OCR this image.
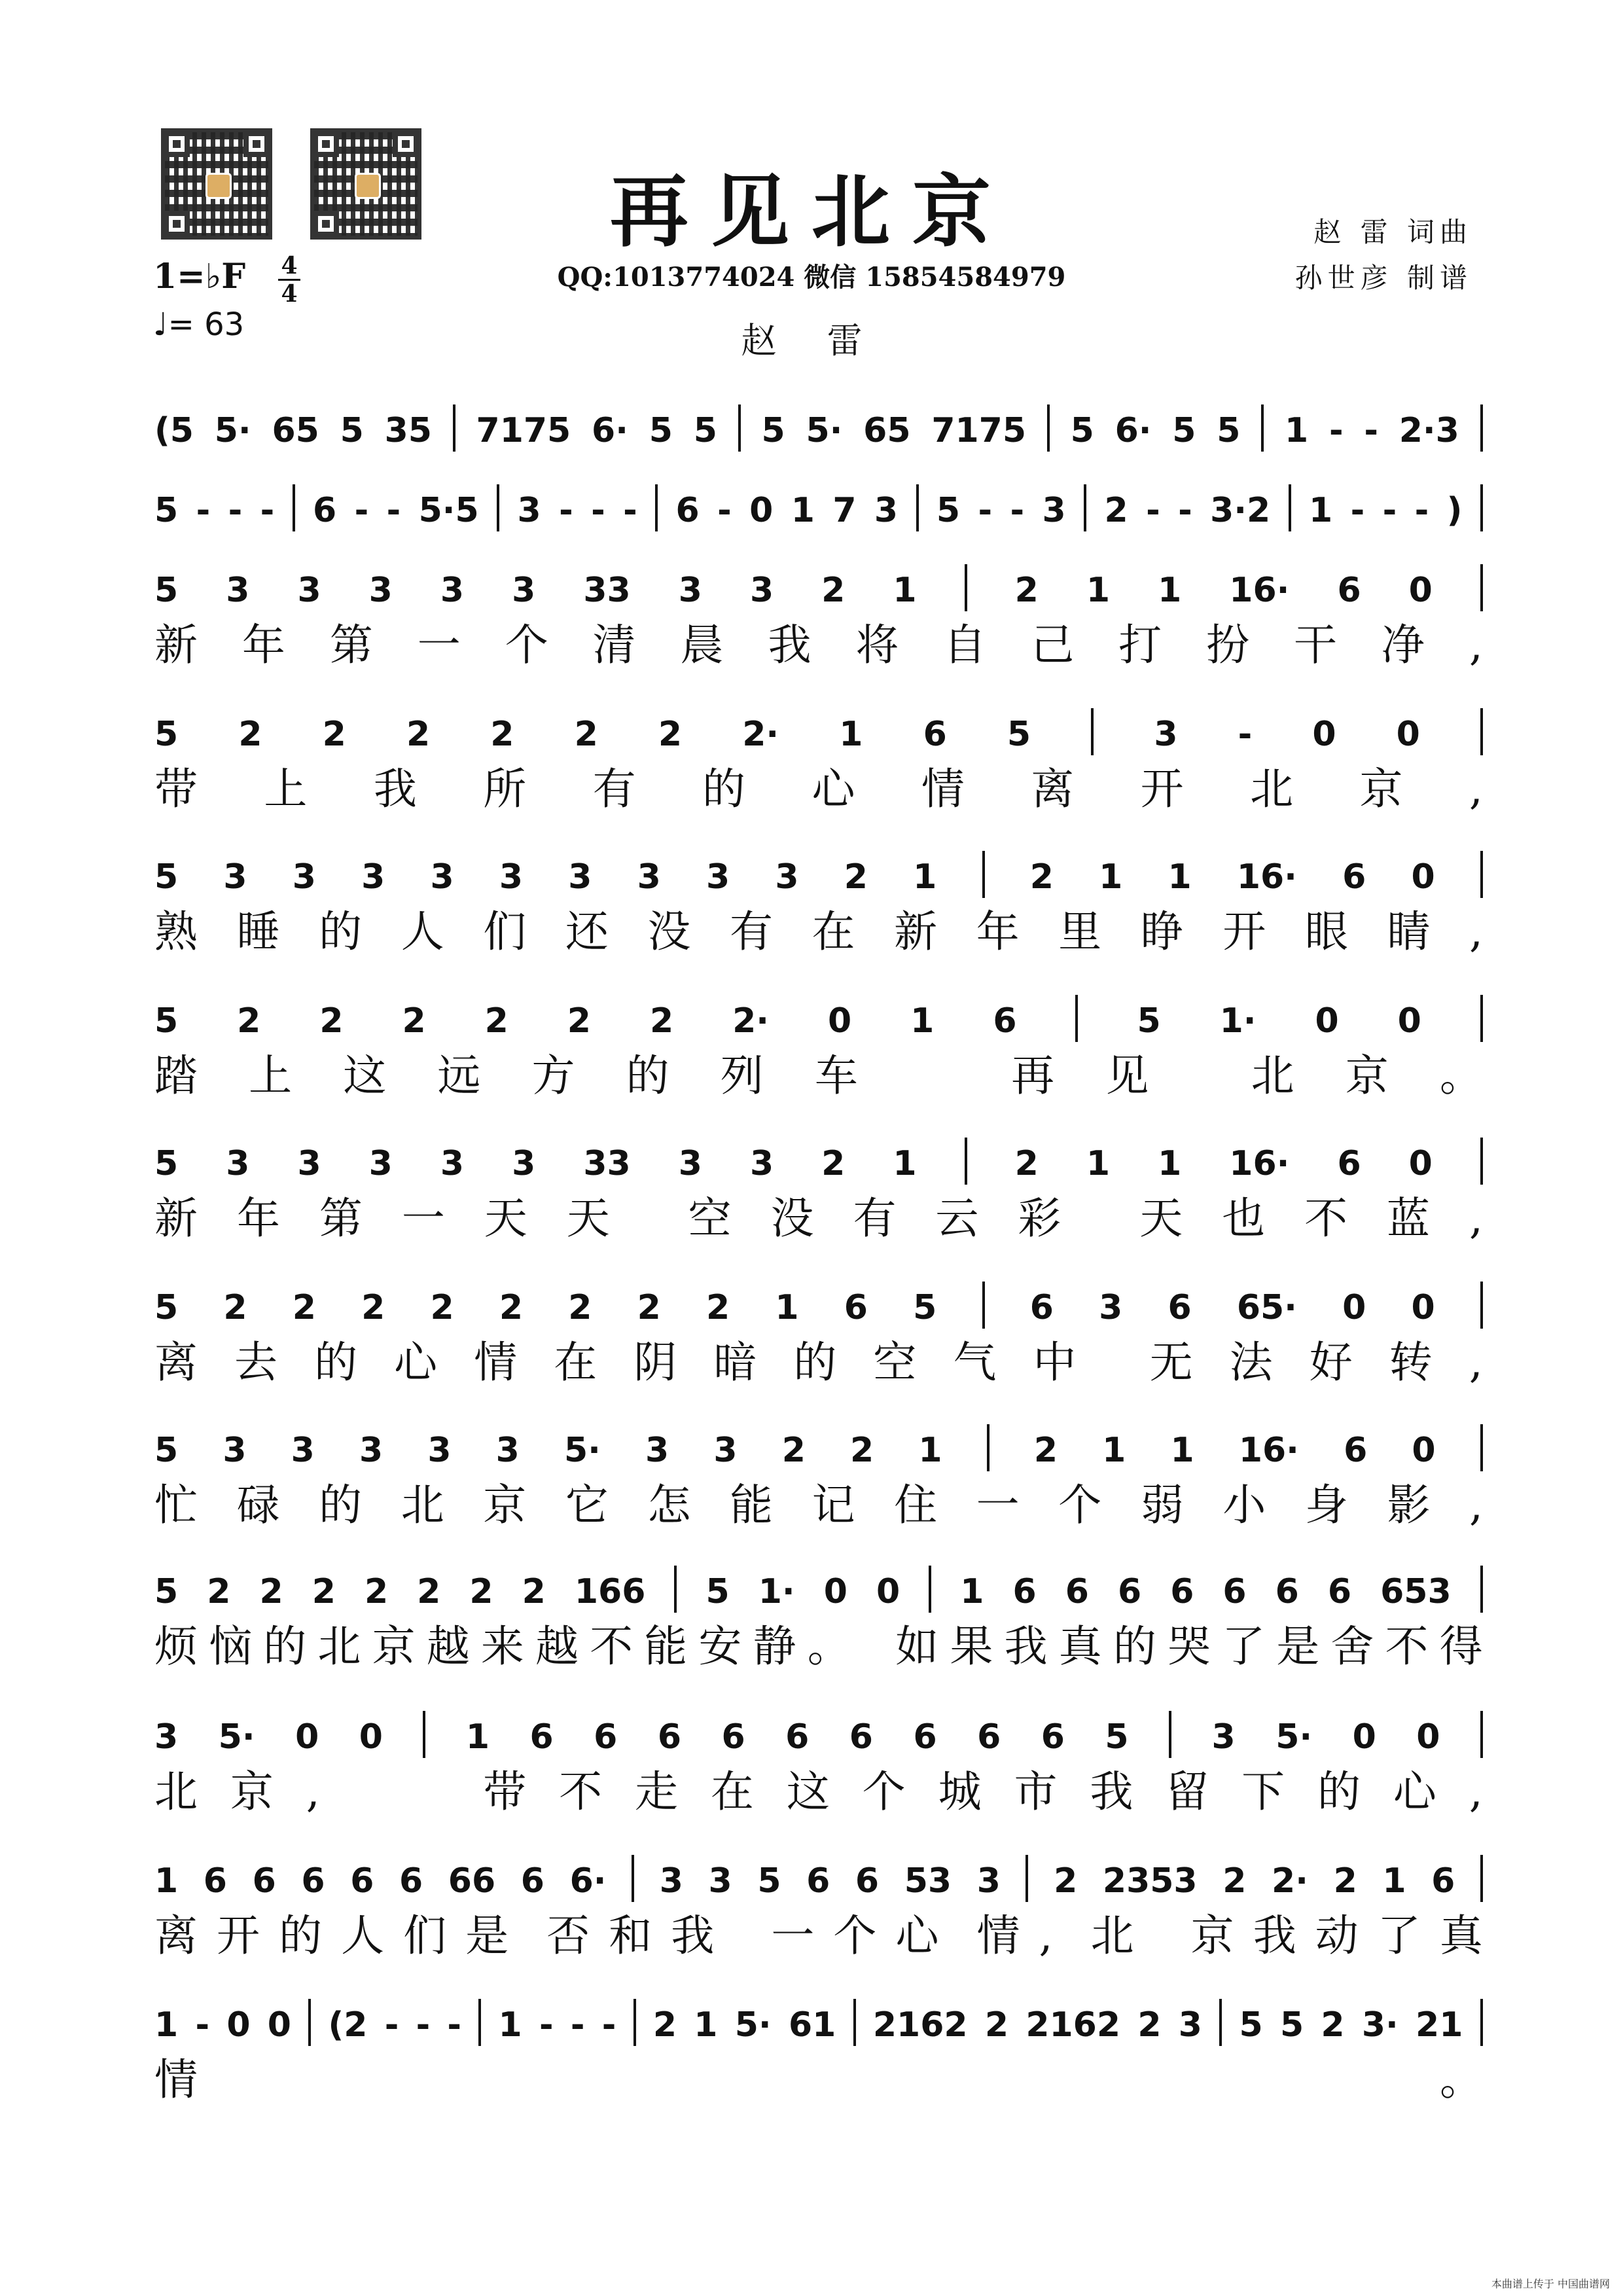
再见北京
QQ:1013774024 微信 15854584979
赵 雷
赵 雷 词曲
孙世彦 制谱
1=♭F 4
4
♩= 63
(5 5· 65 5 35 7175 6· 5 5 5 5· 65 7175 5 6· 5 5 1 - - 2·3
5 - - - 6 - - 5·5 3 - - - 6 - 0 1 7 3 5 - - 3 2 - - 3·2 1 - - - )
5 3 3 3 3 3 33 3 3 2 1	2 1 1 16· 6 0
新 年 第 一 个 清 晨 我 将 自 己 打 扮 干 净 ,
5 2 2 2 2 2 2 2· 1 6 5	3 - 0 0
带 上 我 所 有 的 心 情 离 开 北 京 ,
5 3 3 3 3 3 3 3 3 3 2 1	2 1 1 16· 6 0
熟 睡 的 人 们 还 没 有 在 新 年 里 睁 开 眼 睛 ,
5 2 2 2 2 2 2 2· 0 1 6	5 1· 0 0
踏 上 这 远 方 的 列 车	再 见 北 京 。
5 3 3 3 3 3 33 3 3 2 1	2 1 1 16· 6 0
新 年 第 一 天 天 空 没 有 云 彩 天 也 不 蓝 ,
5 2 2 2 2 2 2 2 2 1 6 5	6 3 6 65· 0 0
离 去 的 心 情 在 阴 暗 的 空 气 中 无 法 好 转 ,
5 3 3 3 3 3 5· 3 3 2 2 1	2 1 1 16· 6 0
忙 碌 的 北 京 它 怎 能 记 住 一 个 弱 小 身 影 ,
5 2 2 2 2 2 2 2 166 5 1· 0 0 1 6 6 6 6 6 6 6 653
烦 恼 的 北 京 越 来 越 不 能 安 静 。 如 果 我 真 的 哭 了 是 舍 不 得
3 5· 0 0 1 6 6 6 6 6 6 6 6 6 5 3 5· 0 0
北 京 ,	带 不 走 在 这 个 城 市 我 留 下 的 心 ,
1 6 6 6 6 6 66 6 6· 3 3 5 6 6 53 3 2 2353 2 2· 2 1 6
离 开 的 人 们 是 否 和 我 一 个 心 情 , 北 京 我 动 了 真
1 - 0 0 (2 - - - 1 - - - 2 1 5· 61 2162 2 2162 2 3 5 5 2 3· 21
情	。
本曲谱上传于 中国曲谱网
